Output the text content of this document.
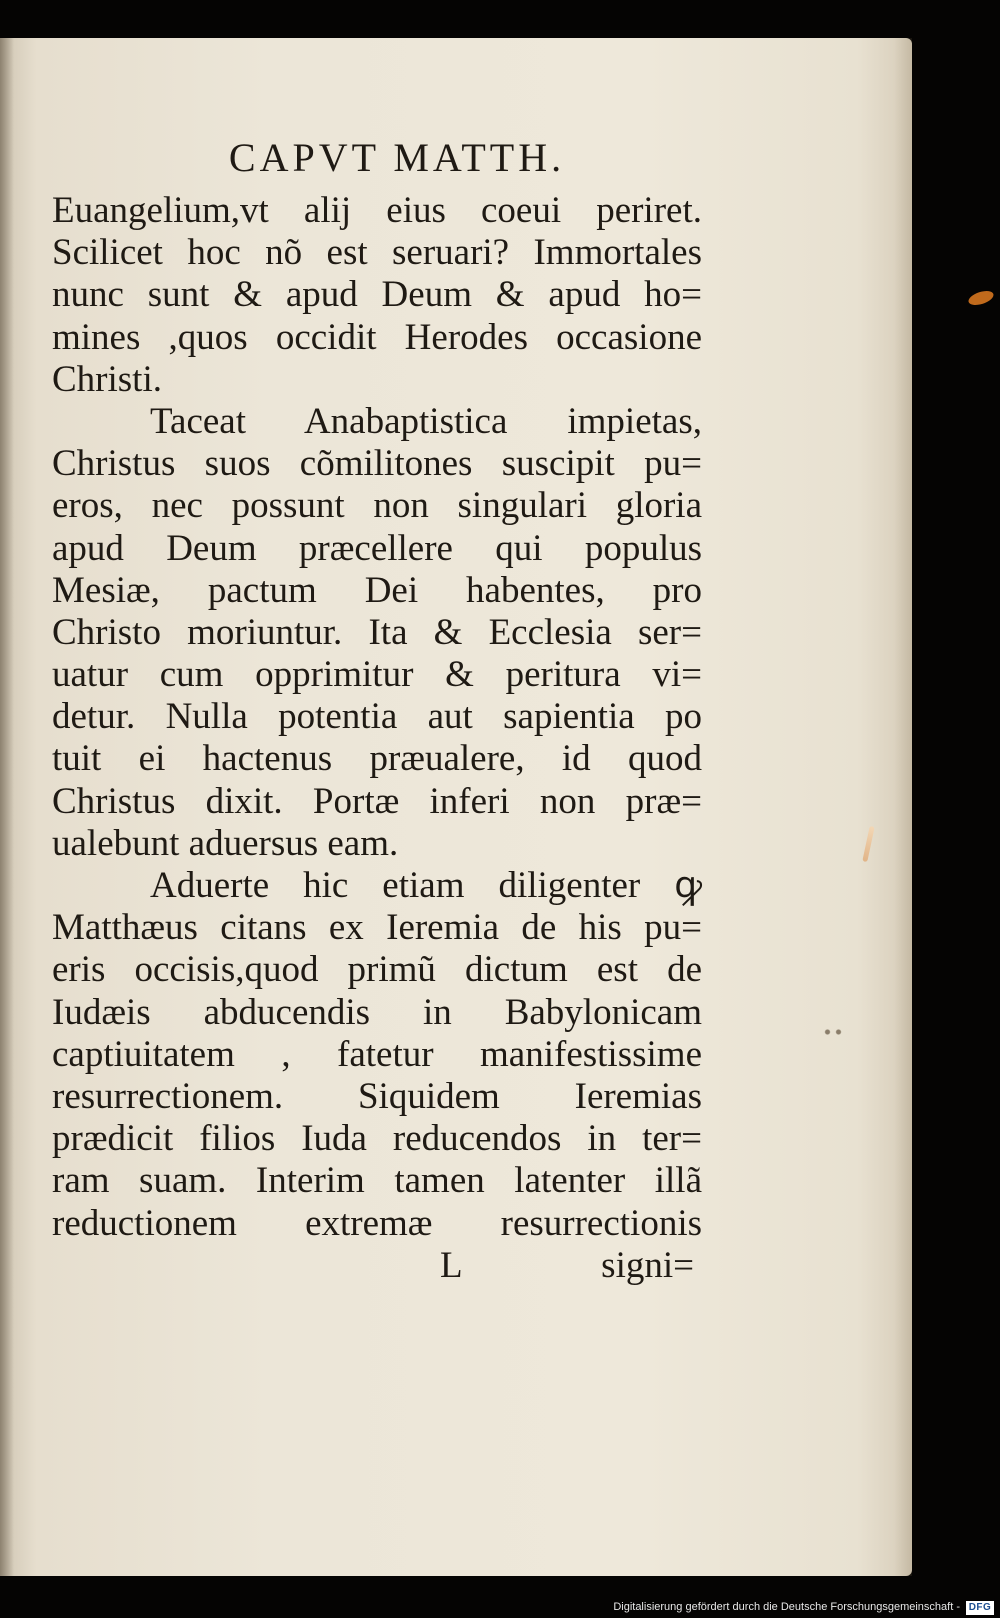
CAPVT MATTH.
Euangelium,vt alij eius coeui periret.
Scilicet hoc nõ est seruari? Immortales
nunc sunt & apud Deum & apud ho=
mines ,quos occidit Herodes occasione
Christi.
Taceat Anabaptistica impietas,
Christus suos cõmilitones suscipit pu=
eros, nec possunt non singulari gloria
apud Deum præcellere qui populus
Mesiæ, pactum Dei habentes, pro
Christo moriuntur. Ita & Ecclesia ser=
uatur cum opprimitur & peritura vi=
detur. Nulla potentia aut sapientia po
tuit ei hactenus præualere, id quod
Christus dixit. Portæ inferi non præ=
ualebunt aduersus eam.
Aduerte hic etiam diligenter ꝙ
Matthæus citans ex Ieremia de his pu=
eris occisis,quod primũ dictum est de
Iudæis abducendis in Babylonicam
captiuitatem , fatetur manifestissime
resurrectionem. Siquidem Ieremias
prædicit filios Iuda reducendos in ter=
ram suam. Interim tamen latenter illã
reductionem extremæ resurrectionis
L	signi=
Digitalisierung gefördert durch die Deutsche Forschungsgemeinschaft - DFG
